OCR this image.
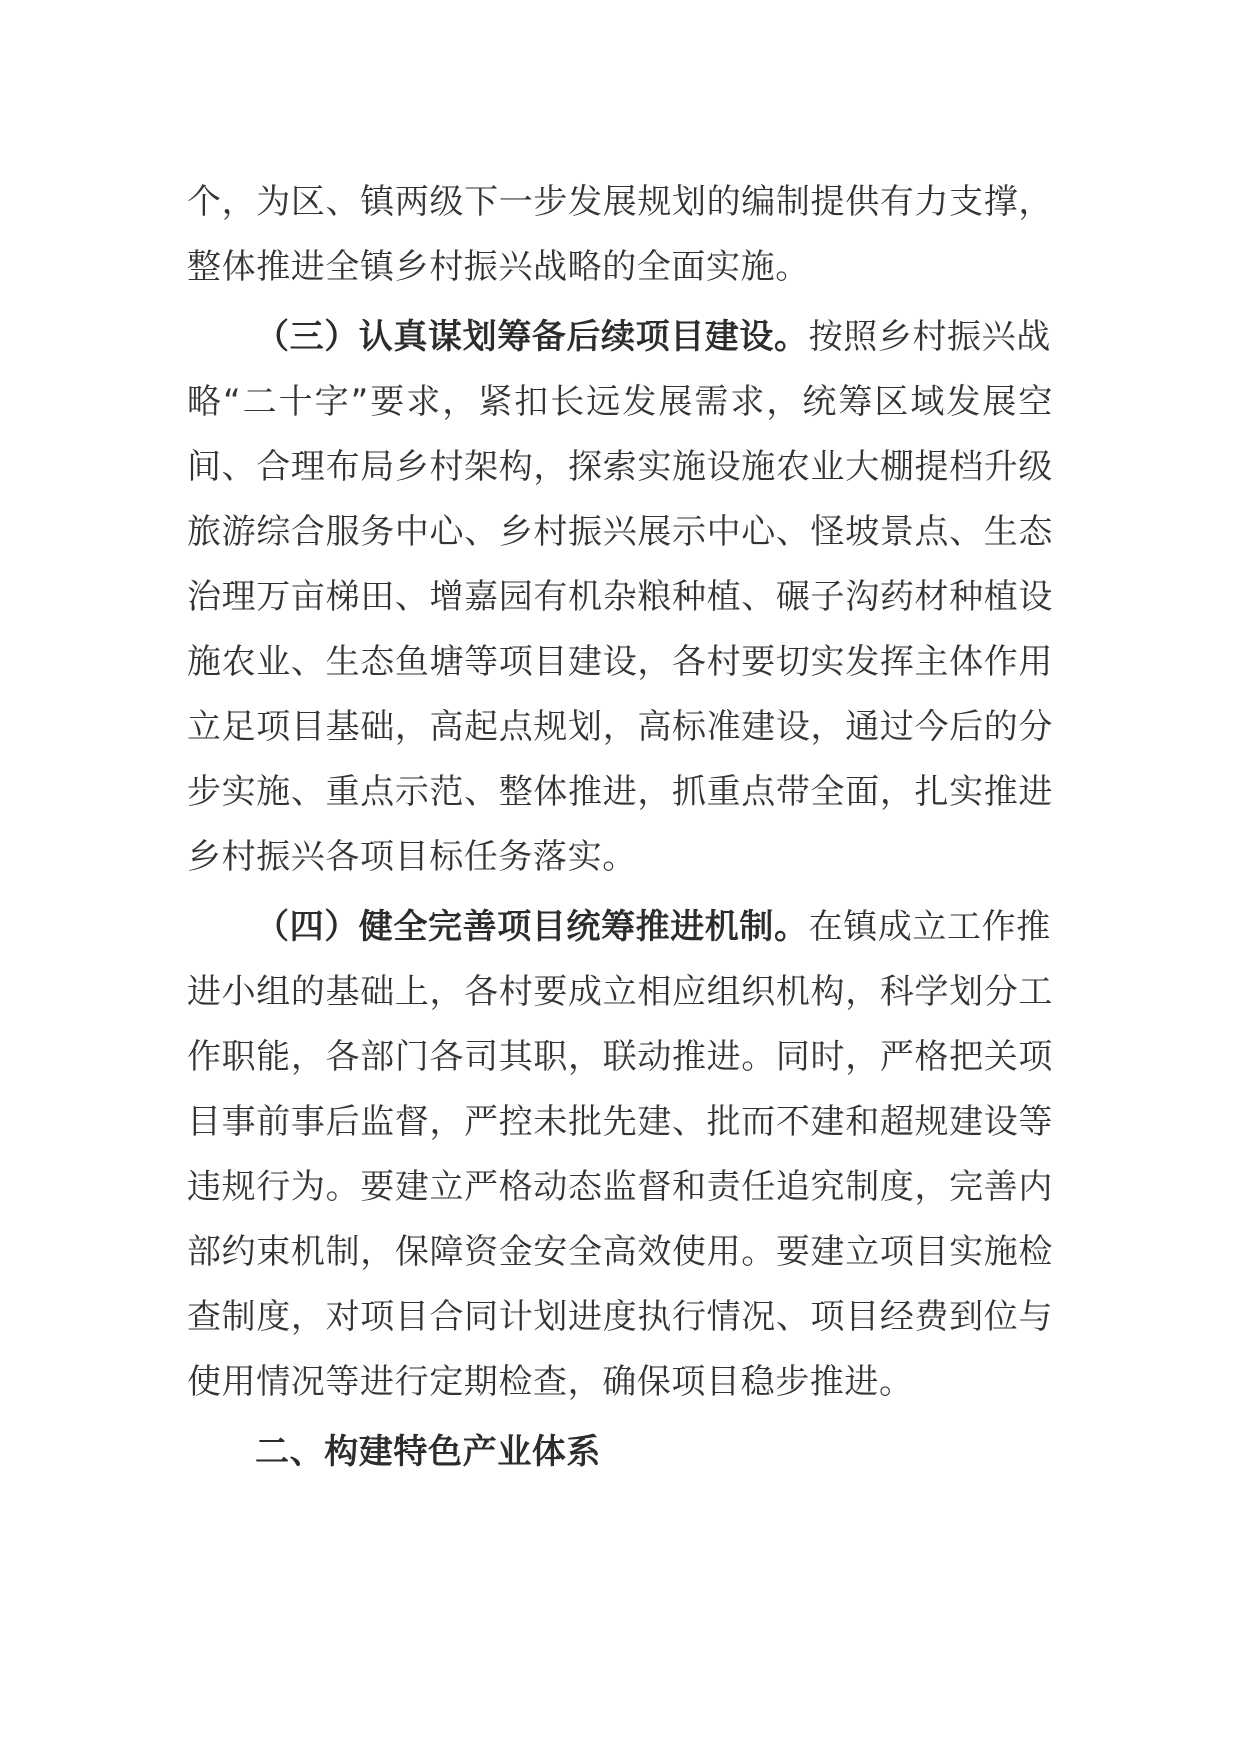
个，为区、镇两级下一步发展规划的编制提供有力支撑，
整体推进全镇乡村振兴战略的全面实施。
（三）认真谋划筹备后续项目建设。按照乡村振兴战
略“二十字”要求，紧扣长远发展需求，统筹区域发展空
间、合理布局乡村架构，探索实施设施农业大棚提档升级
旅游综合服务中心、乡村振兴展示中心、怪坡景点、生态
治理万亩梯田、增嘉园有机杂粮种植、碾子沟药材种植设
施农业、生态鱼塘等项目建设，各村要切实发挥主体作用
立足项目基础，高起点规划，高标准建设，通过今后的分
步实施、重点示范、整体推进，抓重点带全面，扎实推进
乡村振兴各项目标任务落实。
（四）健全完善项目统筹推进机制。在镇成立工作推
进小组的基础上，各村要成立相应组织机构，科学划分工
作职能，各部门各司其职，联动推进。同时，严格把关项
目事前事后监督，严控未批先建、批而不建和超规建设等
违规行为。要建立严格动态监督和责任追究制度，完善内
部约束机制，保障资金安全高效使用。要建立项目实施检
查制度，对项目合同计划进度执行情况、项目经费到位与
使用情况等进行定期检查，确保项目稳步推进。
二、构建特色产业体系
